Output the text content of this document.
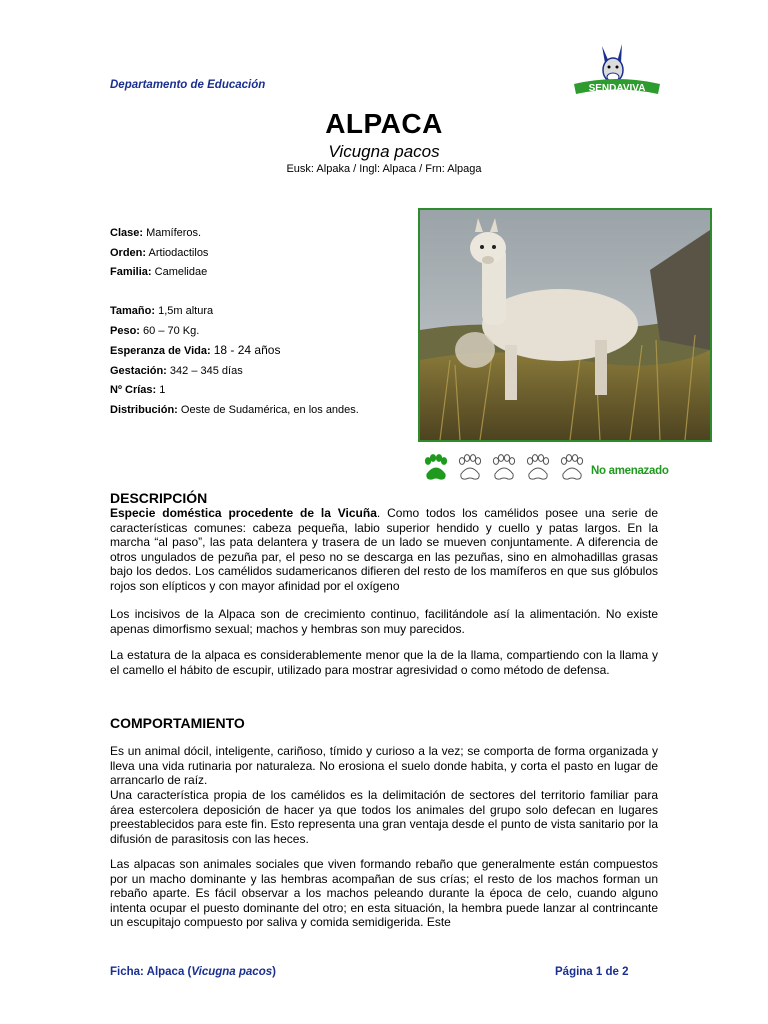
Departamento de Educación	SENDAVIVA
ALPACA
Vicugna pacos
Eusk: Alpaka / Ingl: Alpaca / Frn: Alpaga
Clase: Mamíferos.
Orden: Artiodactilos
Familia: Camelidae
Tamaño: 1,5m altura
Peso: 60 – 70 Kg.
Esperanza de Vida: 18 - 24 años
Gestación: 342 – 345 días
Nº Crías: 1
Distribución: Oeste de Sudamérica, en los andes.
No amenazado
DESCRIPCIÓN
Especie doméstica procedente de la Vicuña. Como todos los camélidos posee una serie de características comunes: cabeza pequeña, labio superior hendido y cuello y patas largos. En la marcha “al paso”, las pata delantera y trasera de un lado se mueven conjuntamente. A diferencia de otros ungulados de pezuña par, el peso no se descarga en las pezuñas, sino en almohadillas grasas bajo los dedos. Los camélidos sudamericanos difieren del resto de los mamíferos en que sus glóbulos rojos son elípticos y con mayor afinidad por el oxígeno
Los incisivos de la Alpaca son de crecimiento continuo, facilitándole así la alimentación. No existe apenas dimorfismo sexual; machos y hembras son muy parecidos.
La estatura de la alpaca es considerablemente menor que la de la llama, compartiendo con la llama y el camello el hábito de escupir, utilizado para mostrar agresividad o como método de defensa.
COMPORTAMIENTO
Es un animal dócil, inteligente, cariñoso, tímido y curioso a la vez; se comporta de forma organizada y lleva una vida rutinaria por naturaleza. No erosiona el suelo donde habita, y corta el pasto en lugar de arrancarlo de raíz.
Una característica propia de los camélidos es la delimitación de sectores del territorio familiar para área estercolera deposición de hacer ya que todos los animales del grupo solo defecan en lugares preestablecidos para este fin. Esto representa una gran ventaja desde el punto de vista sanitario por la difusión de parasitosis con las heces.
Las alpacas son animales sociales que viven formando rebaño que generalmente están compuestos por un macho dominante y las hembras acompañan de sus crías; el resto de los machos forman un rebaño aparte. Es fácil observar a los machos peleando durante la época de celo, cuando alguno intenta ocupar el puesto dominante del otro; en esta situación, la hembra puede lanzar al contrincante un escupitajo compuesto por saliva y comida semidigerida. Este
Ficha: Alpaca (Vicugna pacos)	Página 1 de 2
